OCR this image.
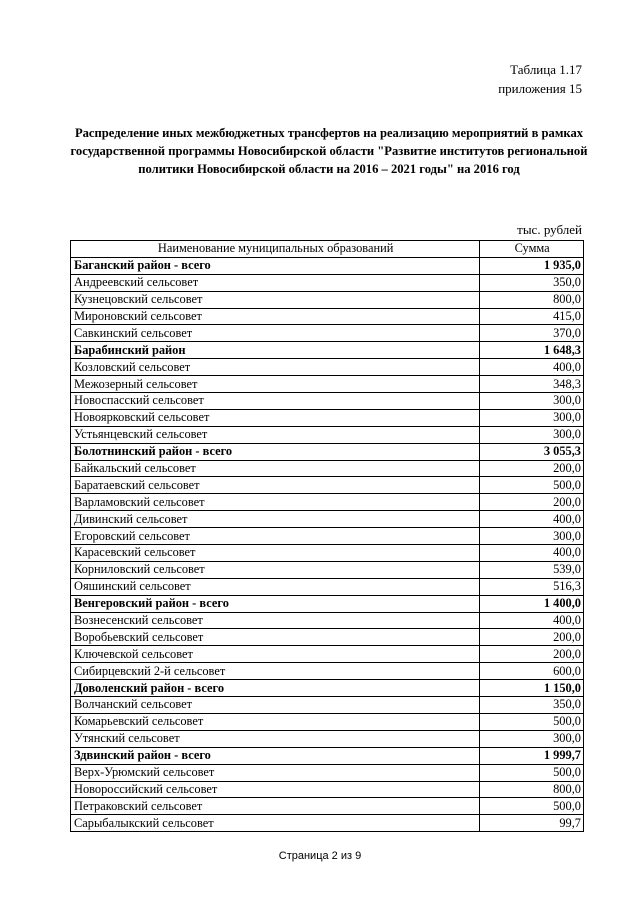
Таблица 1.17
приложения 15
Распределение иных межбюджетных трансфертов на реализацию мероприятий в рамках государственной программы Новосибирской области "Развитие институтов региональной политики Новосибирской области на 2016 – 2021 годы" на 2016 год
тыс. рублей
Наименование муниципальных образований	Сумма
Баганский район - всего	1 935,0
Андреевский сельсовет	350,0
Кузнецовский сельсовет	800,0
Мироновский сельсовет	415,0
Савкинский сельсовет	370,0
Барабинский район	1 648,3
Козловский сельсовет	400,0
Межозерный сельсовет	348,3
Новоспасский сельсовет	300,0
Новоярковский сельсовет	300,0
Устьянцевский сельсовет	300,0
Болотнинский район - всего	3 055,3
Байкальский сельсовет	200,0
Баратаевский сельсовет	500,0
Варламовский сельсовет	200,0
Дивинский сельсовет	400,0
Егоровский сельсовет	300,0
Карасевский сельсовет	400,0
Корниловский сельсовет	539,0
Ояшинский сельсовет	516,3
Венгеровский район - всего	1 400,0
Вознесенский сельсовет	400,0
Воробьевский сельсовет	200,0
Ключевской сельсовет	200,0
Сибирцевский 2-й сельсовет	600,0
Доволенский район - всего	1 150,0
Волчанский сельсовет	350,0
Комарьевский сельсовет	500,0
Утянский сельсовет	300,0
Здвинский район - всего	1 999,7
Верх-Урюмский сельсовет	500,0
Новороссийский сельсовет	800,0
Петраковский сельсовет	500,0
Сарыбалыкский сельсовет	99,7
Страница 2 из 9
